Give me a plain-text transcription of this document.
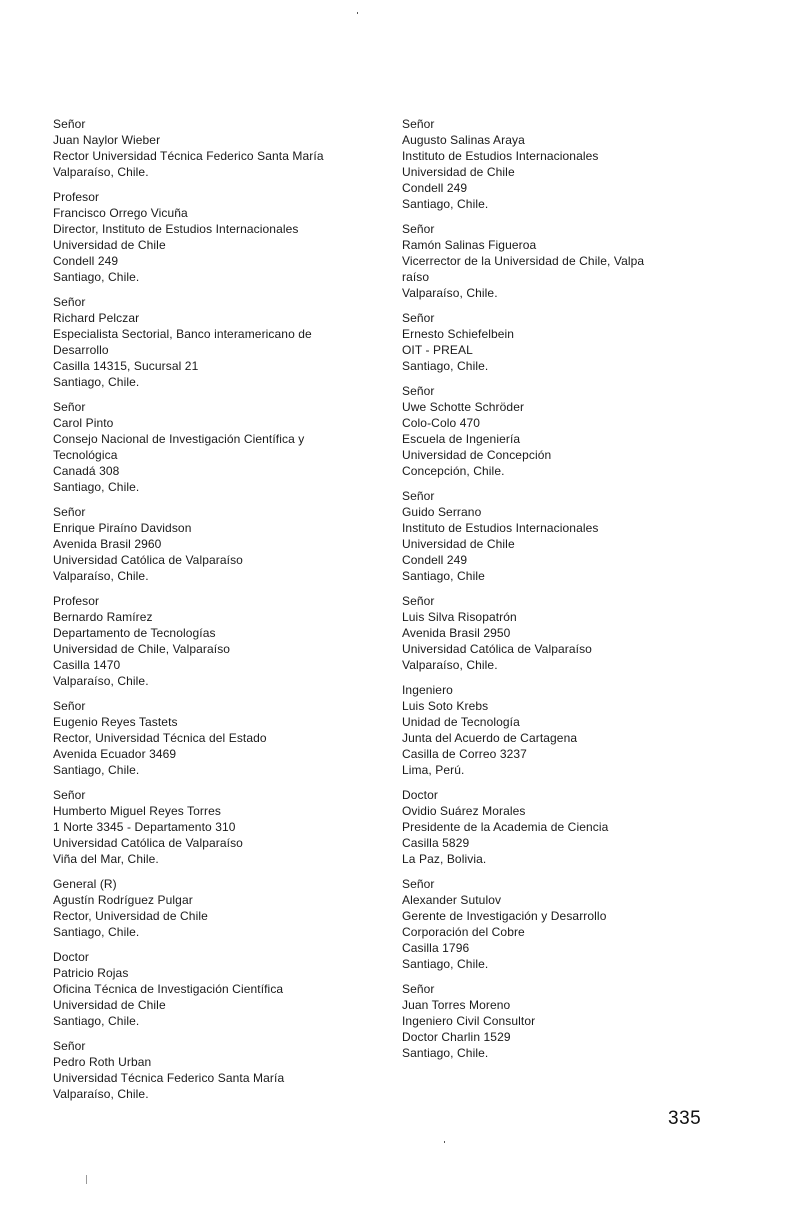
Señor
Juan Naylor Wieber
Rector Universidad Técnica Federico Santa María
Valparaíso, Chile.
Profesor
Francisco Orrego Vicuña
Director, Instituto de Estudios Internacionales
Universidad de Chile
Condell 249
Santiago, Chile.
Señor
Richard Pelczar
Especialista Sectorial, Banco interamericano de
Desarrollo
Casilla 14315, Sucursal 21
Santiago, Chile.
Señor
Carol Pinto
Consejo Nacional de Investigación Científica y
Tecnológica
Canadá 308
Santiago, Chile.
Señor
Enrique Piraíno Davidson
Avenida Brasil 2960
Universidad Católica de Valparaíso
Valparaíso, Chile.
Profesor
Bernardo Ramírez
Departamento de Tecnologías
Universidad de Chile, Valparaíso
Casilla 1470
Valparaíso, Chile.
Señor
Eugenio Reyes Tastets
Rector, Universidad Técnica del Estado
Avenida Ecuador 3469
Santiago, Chile.
Señor
Humberto Miguel Reyes Torres
1 Norte 3345 - Departamento 310
Universidad Católica de Valparaíso
Viña del Mar, Chile.
General (R)
Agustín Rodríguez Pulgar
Rector, Universidad de Chile
Santiago, Chile.
Doctor
Patricio Rojas
Oficina Técnica de Investigación Científica
Universidad de Chile
Santiago, Chile.
Señor
Pedro Roth Urban
Universidad Técnica Federico Santa María
Valparaíso, Chile.
Señor
Augusto Salinas Araya
Instituto de Estudios Internacionales
Universidad de Chile
Condell 249
Santiago, Chile.
Señor
Ramón Salinas Figueroa
Vicerrector de la Universidad de Chile, Valpa
raíso
Valparaíso, Chile.
Señor
Ernesto Schiefelbein
OIT - PREAL
Santiago, Chile.
Señor
Uwe Schotte Schröder
Colo-Colo 470
Escuela de Ingeniería
Universidad de Concepción
Concepción, Chile.
Señor
Guido Serrano
Instituto de Estudios Internacionales
Universidad de Chile
Condell 249
Santiago, Chile
Señor
Luis Silva Risopatrón
Avenida Brasil 2950
Universidad Católica de Valparaíso
Valparaíso, Chile.
Ingeniero
Luis Soto Krebs
Unidad de Tecnología
Junta del Acuerdo de Cartagena
Casilla de Correo 3237
Lima, Perú.
Doctor
Ovidio Suárez Morales
Presidente de la Academia de Ciencia
Casilla 5829
La Paz, Bolivia.
Señor
Alexander Sutulov
Gerente de Investigación y Desarrollo
Corporación del Cobre
Casilla 1796
Santiago, Chile.
Señor
Juan Torres Moreno
Ingeniero Civil Consultor
Doctor Charlin 1529
Santiago, Chile.
335
